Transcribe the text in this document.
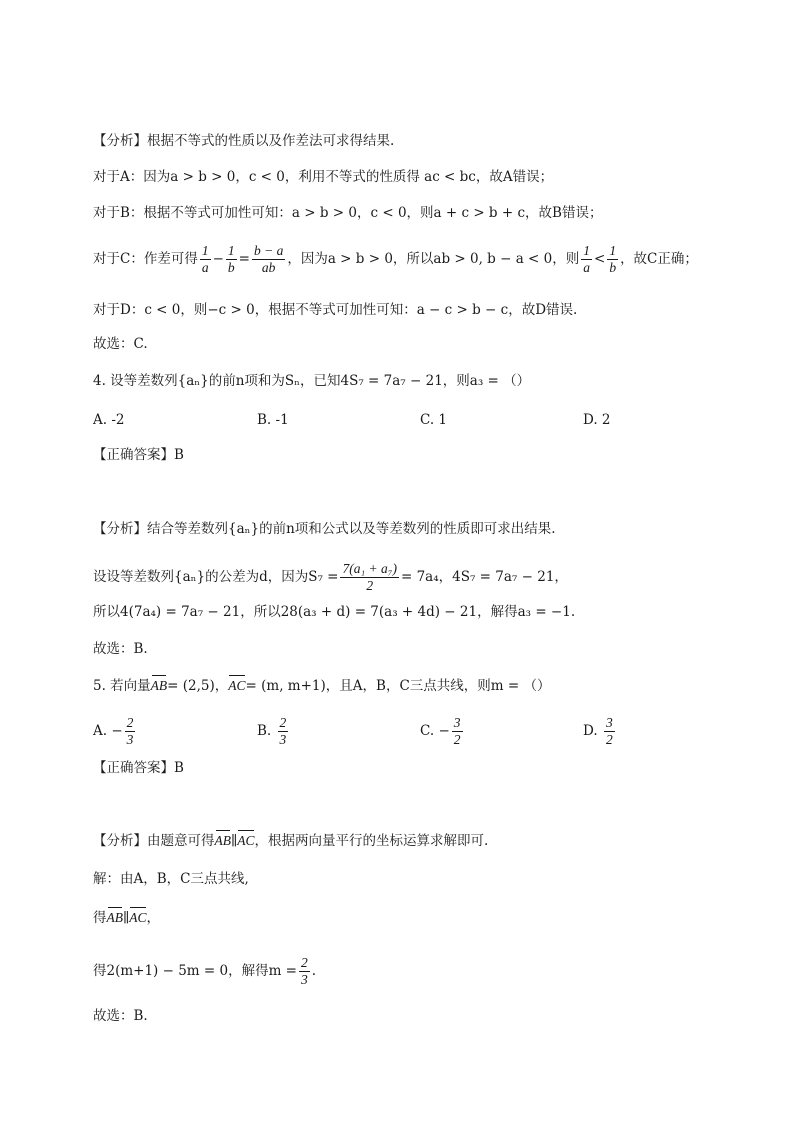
【分析】根据不等式的性质以及作差法可求得结果.
对于A：因为a > b > 0，c < 0，利用不等式的性质得 ac < bc，故A错误；
对于B：根据不等式可加性可知：a > b > 0，c < 0，则a + c > b + c，故B错误；
对于C：作差可得 $\frac{1}{a} - \frac{1}{b} = \frac{b - a}{ab}$ ，因为a > b > 0，所以ab > 0, b − a < 0，则 $\frac{1}{a} < \frac{1}{b}$ ，故C正确；
对于D：c < 0，则−c > 0，根据不等式可加性可知：a − c > b − c，故D错误.
故选：C.
4. 设等差数列{aₙ}的前n项和为Sₙ，已知4S₇ = 7a₇ − 21，则a₃ = （）
A. -2	B. -1	C. 1	D. 2
【正确答案】B
【分析】结合等差数列{aₙ}的前n项和公式以及等差数列的性质即可求出结果.
设设等差数列{aₙ}的公差为d，因为$S_7 = \frac{\text{7(a₁ + a₇)}}{2} = 7a_4$，4S₇ = 7a₇ − 21，
所以4(7a₄) = 7a₇ − 21，所以28(a₃ + d) = 7(a₃ + 4d) − 21，解得a₃ = −1.
故选：B.
5. 若向量AB= (2,5)，AC= (m, m+1)，且A，B，C三点共线，则m = （）
A. − $\frac{2}{3}$	B. $\frac{2}{3}$	C. − $\frac{3}{2}$	D. $\frac{3}{2}$
【正确答案】B
【分析】由题意可得AB∥AC，根据两向量平行的坐标运算求解即可.
解：由A，B，C三点共线,
得AB∥AC，
得2(m+1) − 5m = 0，解得$m = \frac{2}{3}$ .
故选：B.
